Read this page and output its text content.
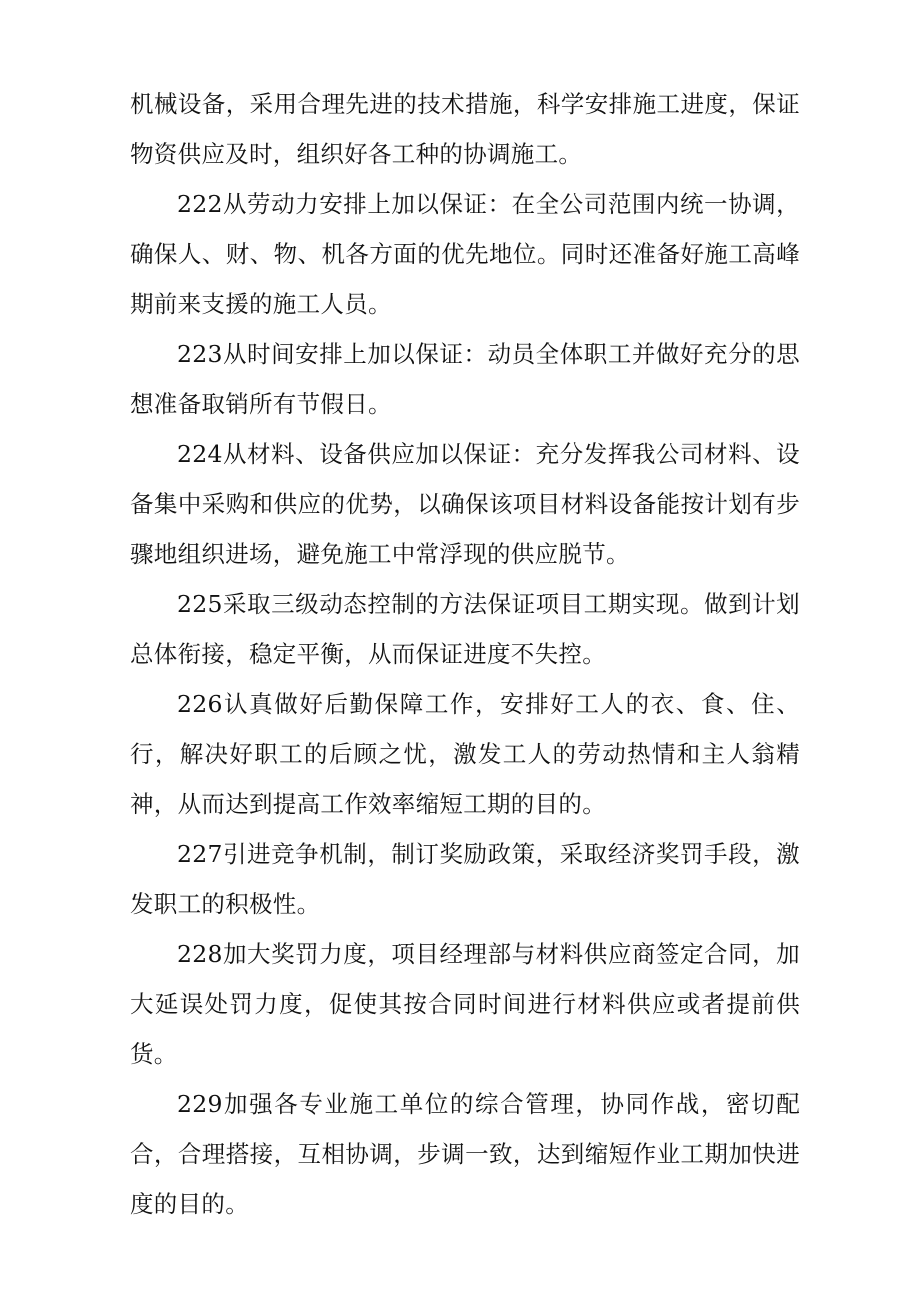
机械设备，采用合理先进的技术措施，科学安排施工进度，保证物资供应及时，组织好各工种的协调施工。

222从劳动力安排上加以保证：在全公司范围内统一协调，确保人、财、物、机各方面的优先地位。同时还准备好施工高峰期前来支援的施工人员。

223从时间安排上加以保证：动员全体职工并做好充分的思想准备取销所有节假日。

224从材料、设备供应加以保证：充分发挥我公司材料、设备集中采购和供应的优势，以确保该项目材料设备能按计划有步骤地组织进场，避免施工中常浮现的供应脱节。

225采取三级动态控制的方法保证项目工期实现。做到计划总体衔接，稳定平衡，从而保证进度不失控。

226认真做好后勤保障工作，安排好工人的衣、食、住、行，解决好职工的后顾之忧，激发工人的劳动热情和主人翁精神，从而达到提高工作效率缩短工期的目的。

227引进竞争机制，制订奖励政策，采取经济奖罚手段，激发职工的积极性。

228加大奖罚力度，项目经理部与材料供应商签定合同，加大延误处罚力度，促使其按合同时间进行材料供应或者提前供货。

229加强各专业施工单位的综合管理，协同作战，密切配合，合理搭接，互相协调，步调一致，达到缩短作业工期加快进度的目的。
